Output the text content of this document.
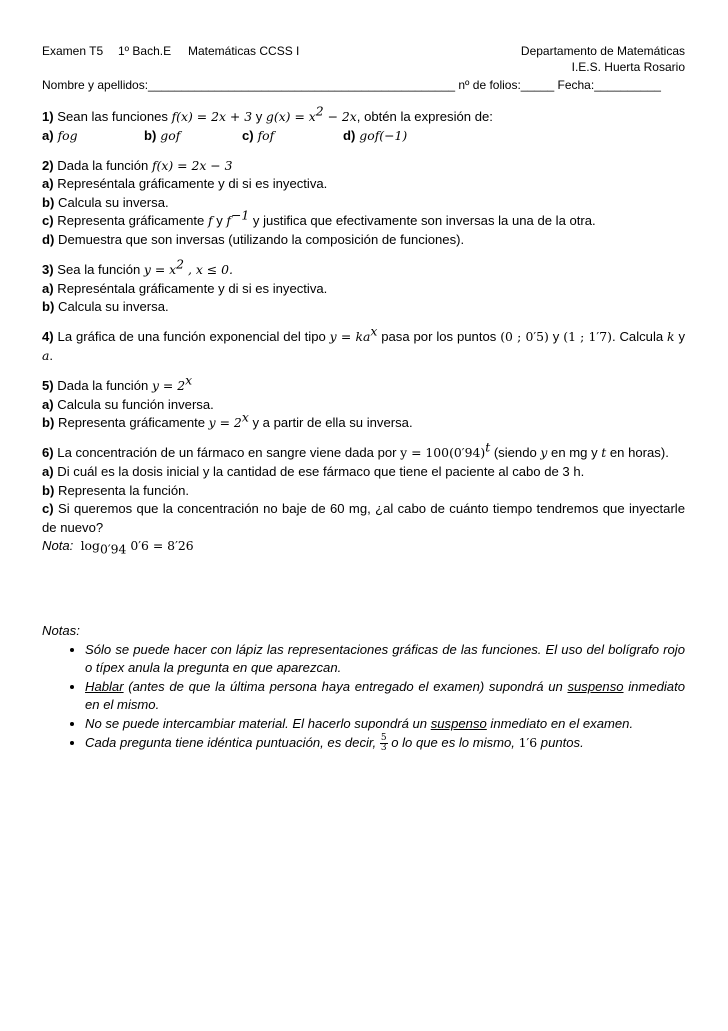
Examen T5	1º Bach.E	Matemáticas CCSS I	Departamento de Matemáticas
I.E.S. Huerta Rosario
Nombre y apellidos:______________________________________________ nº de folios:_____ Fecha:__________

1) Sean las funciones f(x) = 2x + 3 y $g(x) = x^2 - 2x$, obtén la expresión de:

a) fog	b) gof	c) fof	d) gof(−1)

2) Dada la función f(x) = 2x − 3

a) Represéntala gráficamente y di si es inyectiva.

b) Calcula su inversa.

c) Representa gráficamente f y $f^{-1}$ y justifica que efectivamente son inversas la una de la otra.

d) Demuestra que son inversas (utilizando la composición de funciones).

3) Sea la función $y = x^2$ , x ≤ 0.

a) Represéntala gráficamente y di si es inyectiva.

b) Calcula su inversa.

4) La gráfica de una función exponencial del tipo $y = ka^x$ pasa por los puntos (0 ; 0′5) y (1 ; 1′7). Calcula k y a.

5) Dada la función $y = 2^x$

a) Calcula su función inversa.

b) Representa gráficamente $y = 2^x$ y a partir de ella su inversa.

6) La concentración de un fármaco en sangre viene dada por $y = 100(0'94)^t$ (siendo y en mg y t en horas).

a) Di cuál es la dosis inicial y la cantidad de ese fármaco que tiene el paciente al cabo de 3 h.

b) Representa la función.

c) Si queremos que la concentración no baje de 60 mg, ¿al cabo de cuánto tiempo tendremos que inyectarle de nuevo?

Nota: $\log_{0'94} 0'6 = 8'26$

Notas:
• Sólo se puede hacer con lápiz las representaciones gráficas de las funciones. El uso del bolígrafo rojo o típex anula la pregunta en que aparezcan.
• Hablar (antes de que la última persona haya entregado el examen) supondrá un suspenso inmediato en el mismo.
• No se puede intercambiar material. El hacerlo supondrá un suspenso inmediato en el examen.
• Cada pregunta tiene idéntica puntuación, es decir, $\frac{5}{3}$ o lo que es lo mismo, 1′6 puntos.
